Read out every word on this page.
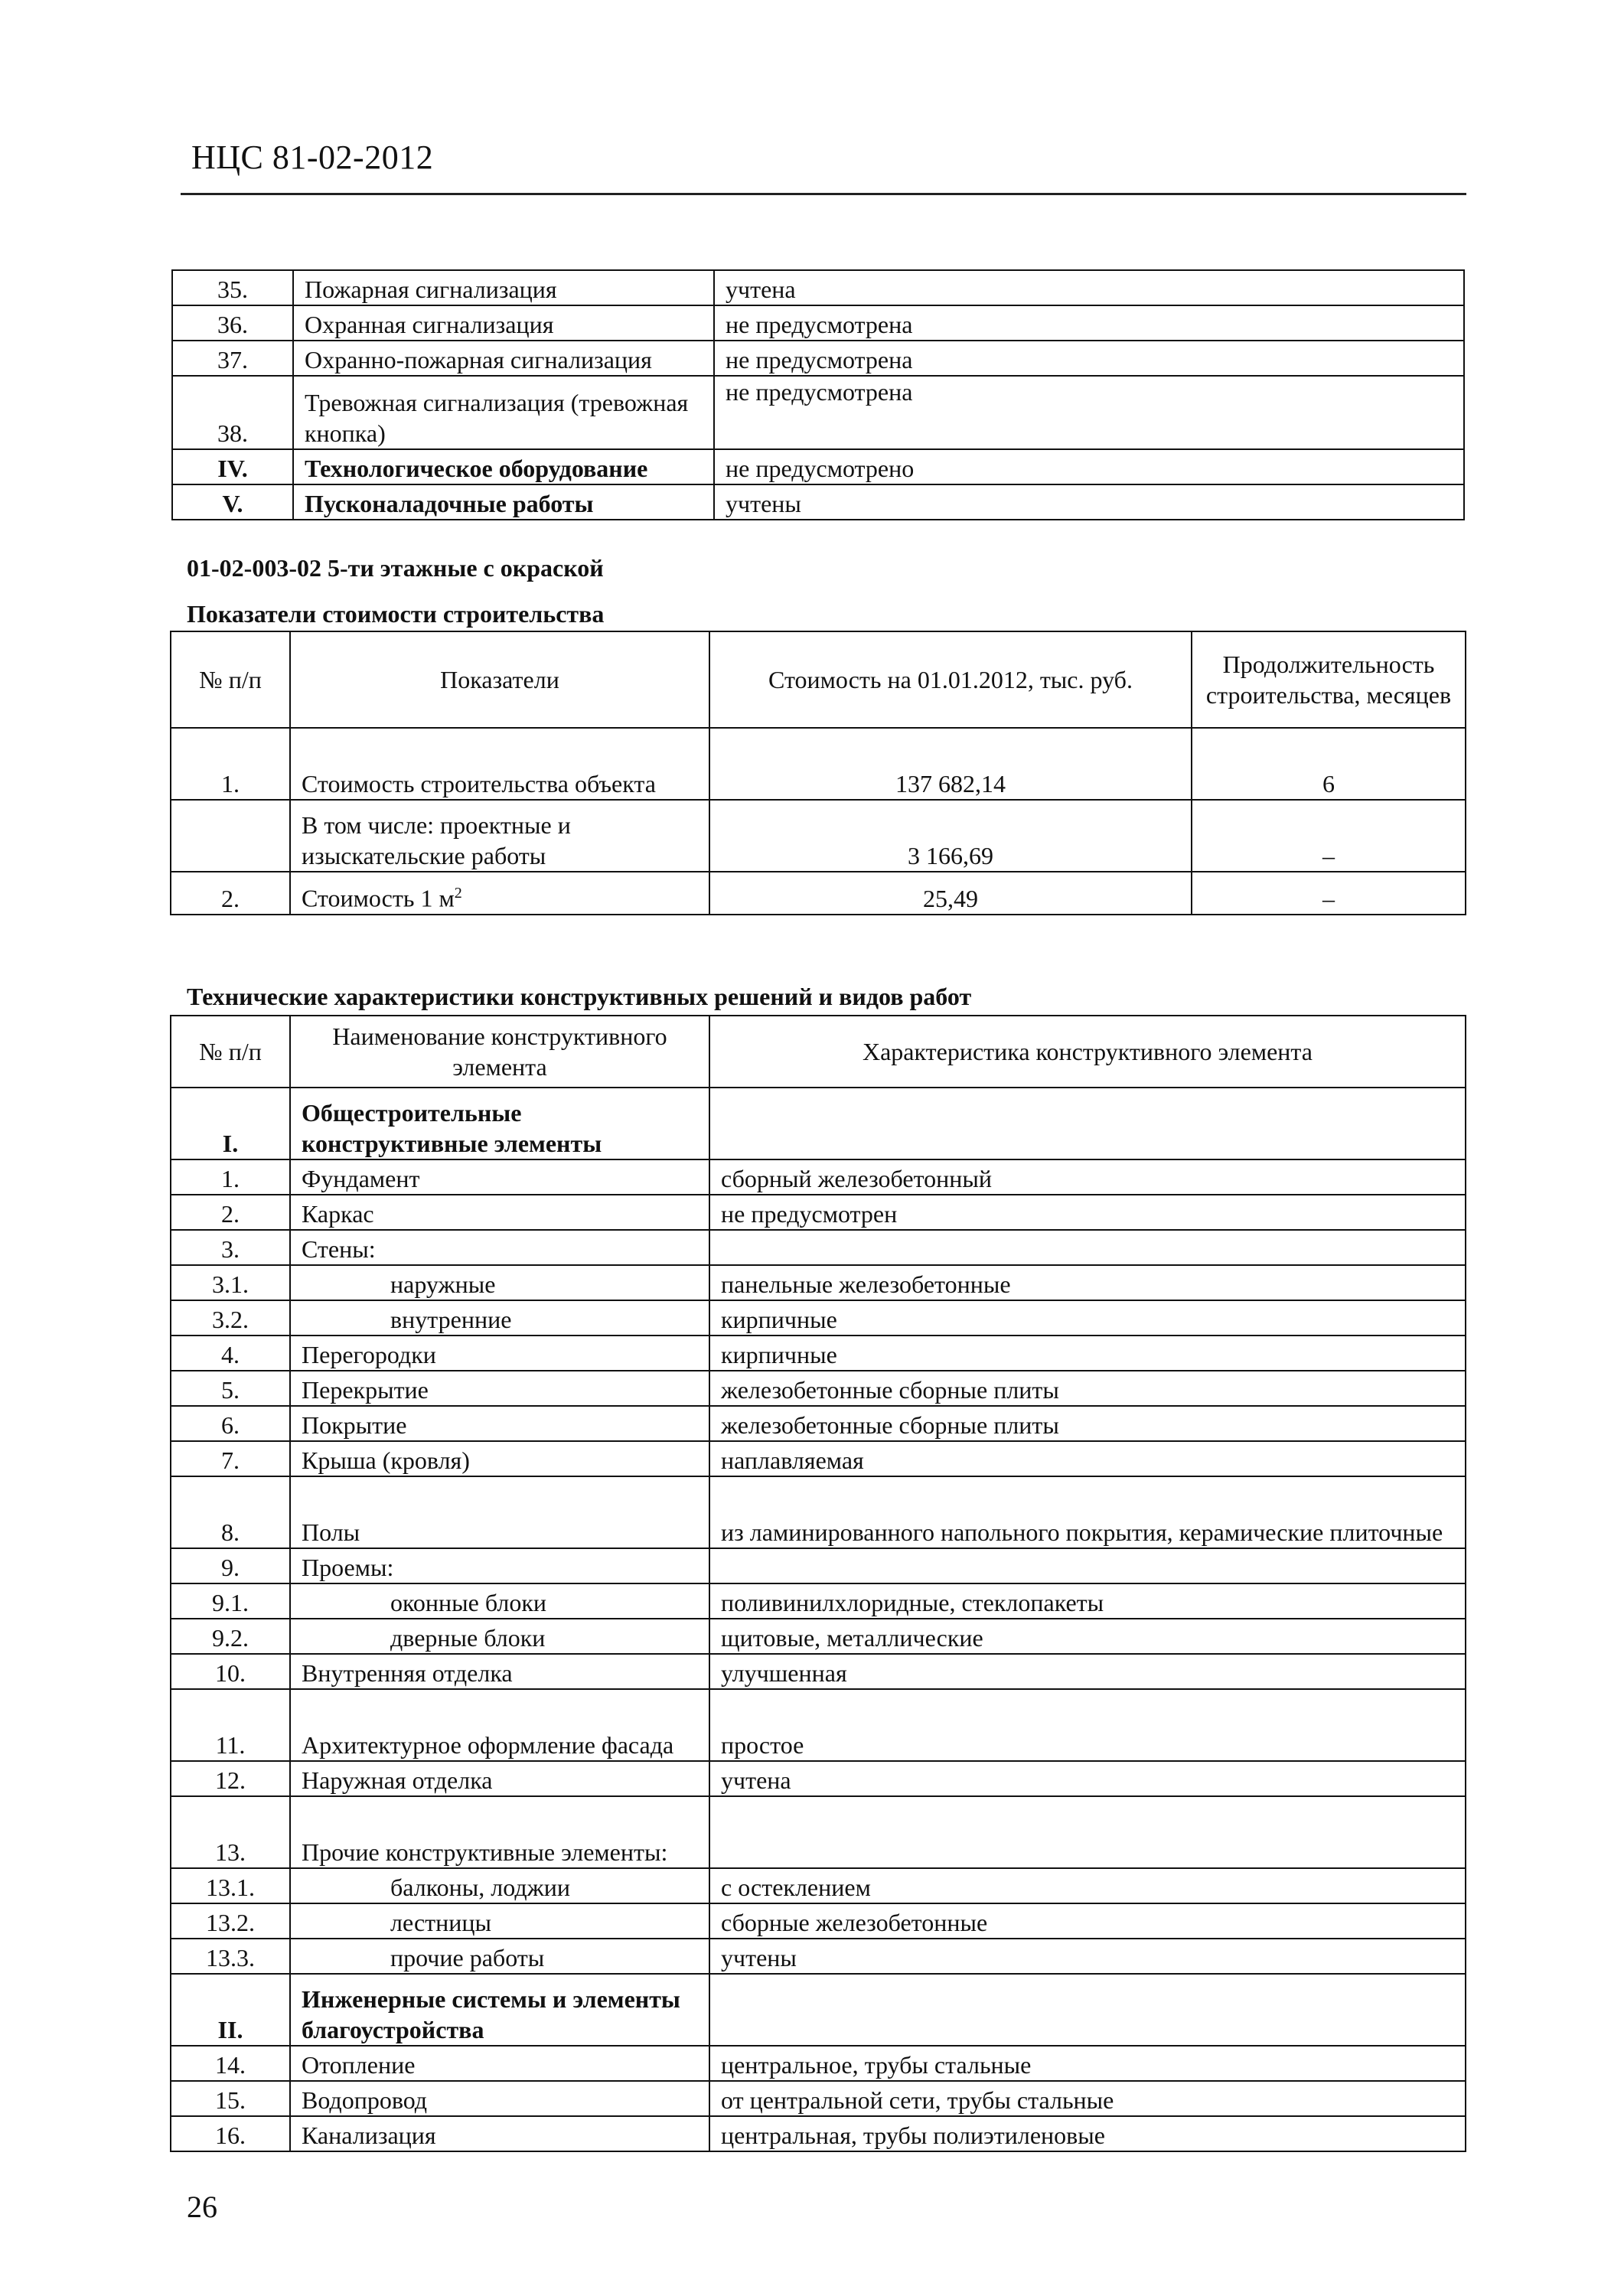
НЦС 81-02-2012
35.	Пожарная сигнализация	учтена
36.	Охранная сигнализация	не предусмотрена
37.	Охранно-пожарная сигнализация	не предусмотрена
38.	Тревожная сигнализация (тревожная кнопка)	не предусмотрена
IV.	Технологическое оборудование	не предусмотрено
V.	Пусконаладочные работы	учтены
01-02-003-02 5-ти этажные с окраской
Показатели стоимости строительства
№ п/п	Показатели	Стоимость на 01.01.2012, тыс. руб.	Продолжительность строительства, месяцев
1.	Стоимость строительства объекта	137 682,14	6
	В том числе: проектные и изыскательские работы	3 166,69	–
2.	Стоимость 1 $м^2$	25,49	–
Технические характеристики конструктивных решений и видов работ
№ п/п	Наименование конструктивного элемента	Характеристика конструктивного элемента
I.	Общестроительные конструктивные элементы	
1.	Фундамент	сборный железобетонный
2.	Каркас	не предусмотрен
3.	Стены:	
3.1.	наружные	панельные железобетонные
3.2.	внутренние	кирпичные
4.	Перегородки	кирпичные
5.	Перекрытие	железобетонные сборные плиты
6.	Покрытие	железобетонные сборные плиты
7.	Крыша (кровля)	наплавляемая
8.	Полы	из ламинированного напольного покрытия, керамические плиточные
9.	Проемы:	
9.1.	оконные блоки	поливинилхлоридные, стеклопакеты
9.2.	дверные блоки	щитовые, металлические
10.	Внутренняя отделка	улучшенная
11.	Архитектурное оформление фасада	простое
12.	Наружная отделка	учтена
13.	Прочие конструктивные элементы:	
13.1.	балконы, лоджии	с остеклением
13.2.	лестницы	сборные железобетонные
13.3.	прочие работы	учтены
II.	Инженерные системы и элементы благоустройства	
14.	Отопление	центральное, трубы стальные
15.	Водопровод	от центральной сети, трубы стальные
16.	Канализация	центральная, трубы полиэтиленовые
26
